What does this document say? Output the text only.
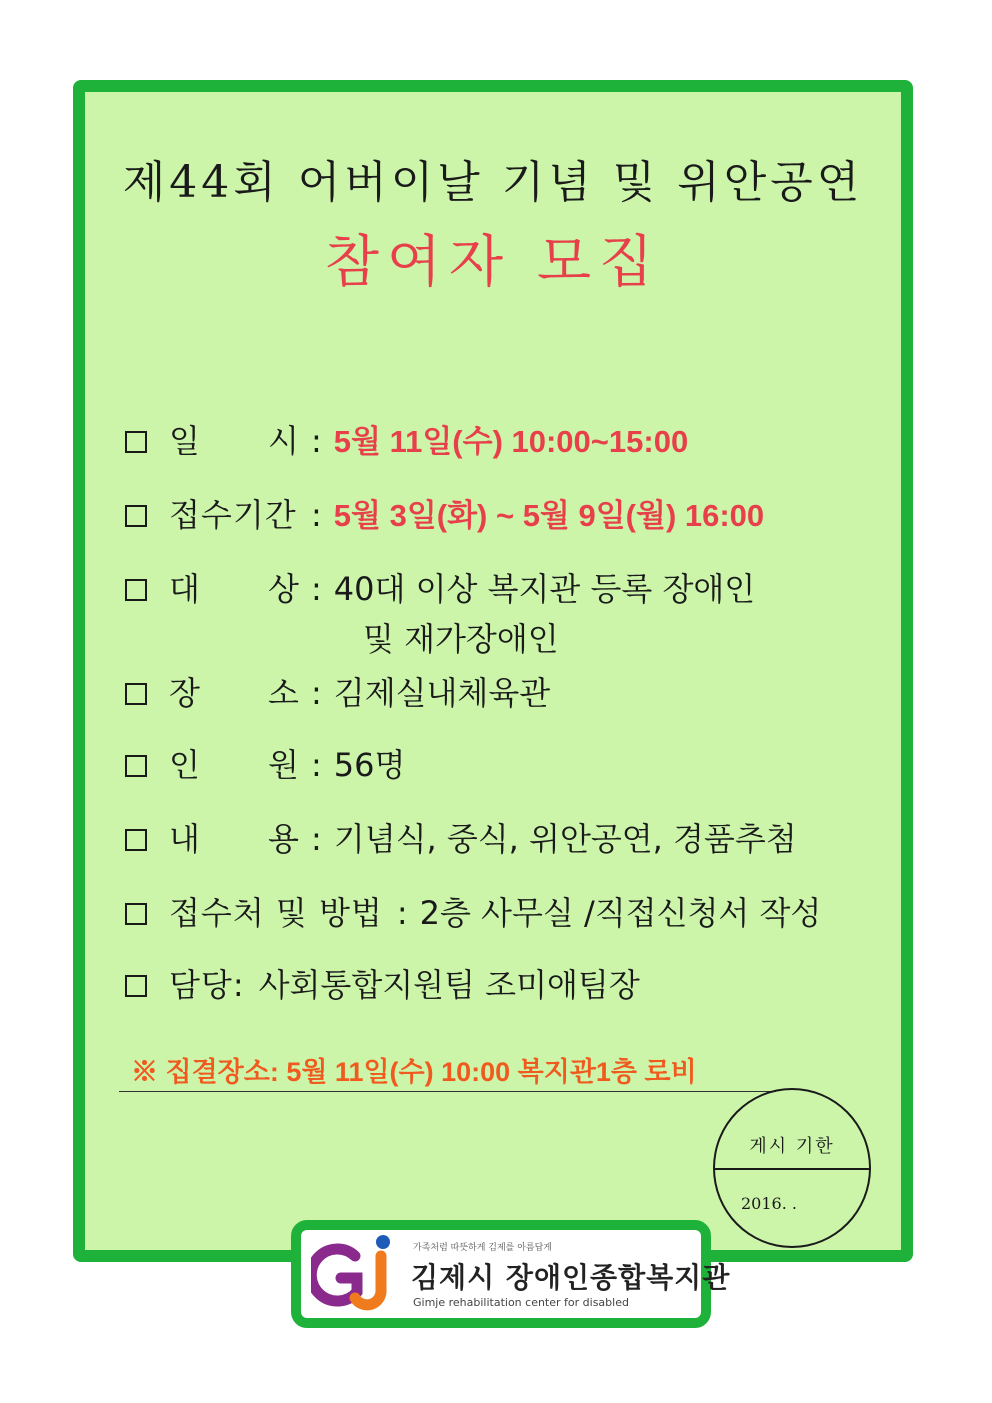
제44회 어버이날 기념 및 위안공연
참여자 모집
일      시 : 5월 11일(수) 10:00~15:00
접수기간 : 5월 3일(화) ~ 5월 9일(월) 16:00
대      상 : 40대 이상 복지관 등록 장애인
및 재가장애인
장      소 : 김제실내체육관
인      원 : 56명
내      용 : 기념식, 중식, 위안공연, 경품추첨
접수처 및 방법 : 2층 사무실 /직접신청서 작성
담당: 사회통합지원팀 조미애팀장
※ 집결장소: 5월 11일(수) 10:00 복지관1층 로비
게시 기한
2016. .
가족처럼 따뜻하게 김제를 아름답게
김제시 장애인종합복지관
Gimje rehabilitation center for disabled
